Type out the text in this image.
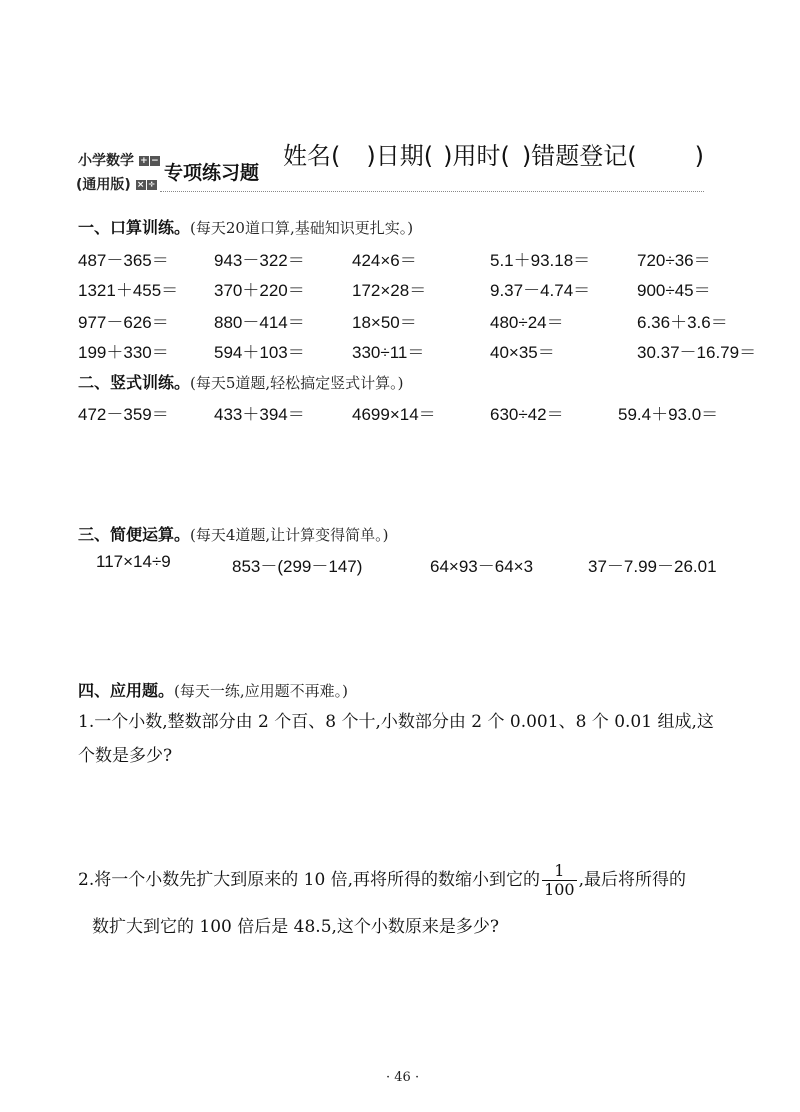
小学数学 + −
(通用版) × ÷
专项练习题
姓名( )日期( )用时( )错题登记( )
一、口算训练。(每天20道口算,基础知识更扎实。)
487－365＝	943－322＝	424×6＝	5.1＋93.18＝	720÷36＝
1321＋455＝ 370＋220＝	172×28＝	9.37－4.74＝	900÷45＝
977－626＝	880－414＝	18×50＝	480÷24＝	6.36＋3.6＝
199＋330＝	594＋103＝	330÷11＝	40×35＝	30.37－16.79＝
二、竖式训练。(每天5道题,轻松搞定竖式计算。)
472－359＝	433＋394＝	4699×14＝	630÷42＝	59.4＋93.0＝
三、简便运算。(每天4道题,让计算变得简单。)
117×14÷9	853－(299－147)	64×93－64×3	37－7.99－26.01
四、应用题。(每天一练,应用题不再难。)
1.一个小数,整数部分由 2 个百、8 个十,小数部分由 2 个 0.001、8 个 0.01 组成,这
个数是多少?
2.将一个小数先扩大到原来的 10 倍,再将所得的数缩小到它的 $\frac{1}{100}$ ,最后将所得的
数扩大到它的 100 倍后是 48.5,这个小数原来是多少?
· 46 ·
